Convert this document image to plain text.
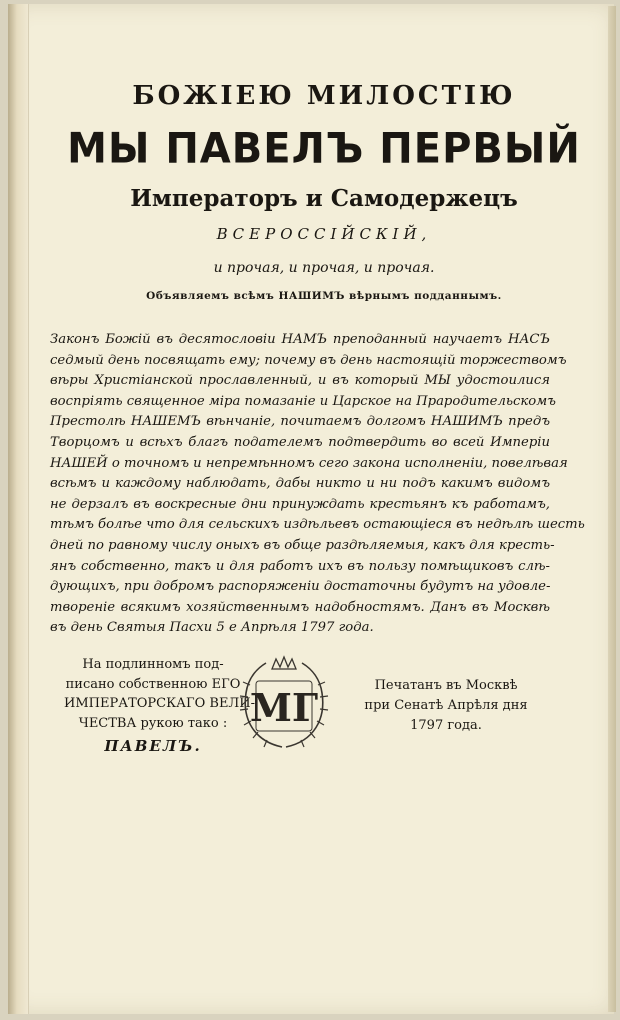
БОЖІЕЮ МИЛОСТІЮ
МЫ ПАВЕЛЪ ПЕРВЫЙ
Императоръ и Самодержецъ
ВСЕРОССІЙСКІЙ,
и прочая, и прочая, и прочая.
Объявляемъ всѣмъ НАШИМЪ вѣрнымъ подданнымъ.
Законъ Божій въ десятословіи НАМЪ преподанный научаетъ НАСЪ
седмый день посвящать ему; почему въ день настоящій торжествомъ
вѣры Христіанской прославленный, и въ который МЫ удостоилися
воспріять священное міра помазаніе и Царское на Прародительскомъ
Престолѣ НАШЕМЪ вѣнчаніе, почитаемъ долгомъ НАШИМЪ предъ
Творцомъ и всѣхъ благъ подателемъ подтвердить во всей Имперіи
НАШЕЙ о точномъ и непремѣнномъ сего закона исполненіи, повелѣвая
всѣмъ и каждому наблюдать, дабы никто и ни подъ какимъ видомъ
не дерзалъ въ воскресные дни принуждать крестьянъ къ работамъ,
тѣмъ болѣе что для сельскихъ издѣльевъ остающіеся въ недѣлѣ шесть
дней по равному числу оныхъ въ обще раздѣляемыя, какъ для кресть-
янъ собственно, такъ и для работъ ихъ въ пользу помѣщиковъ слѣ-
дующихъ, при добромъ распоряженіи достаточны будутъ на удовле-
твореніе всякимъ хозяйственнымъ надобностямъ. Данъ въ Москвѣ
въ день Святыя Пасхи 5 е Апрѣля 1797 года.
На подлинномъ под-
писано собственною ЕГО
ИМПЕРАТОРСКАГО ВЕЛИ-
ЧЕСТВА рукою тако :
ПАВЕЛЪ.
МГ	Печатанъ въ Москвѣ
при Сенатѣ Апрѣля дня
1797 года.
